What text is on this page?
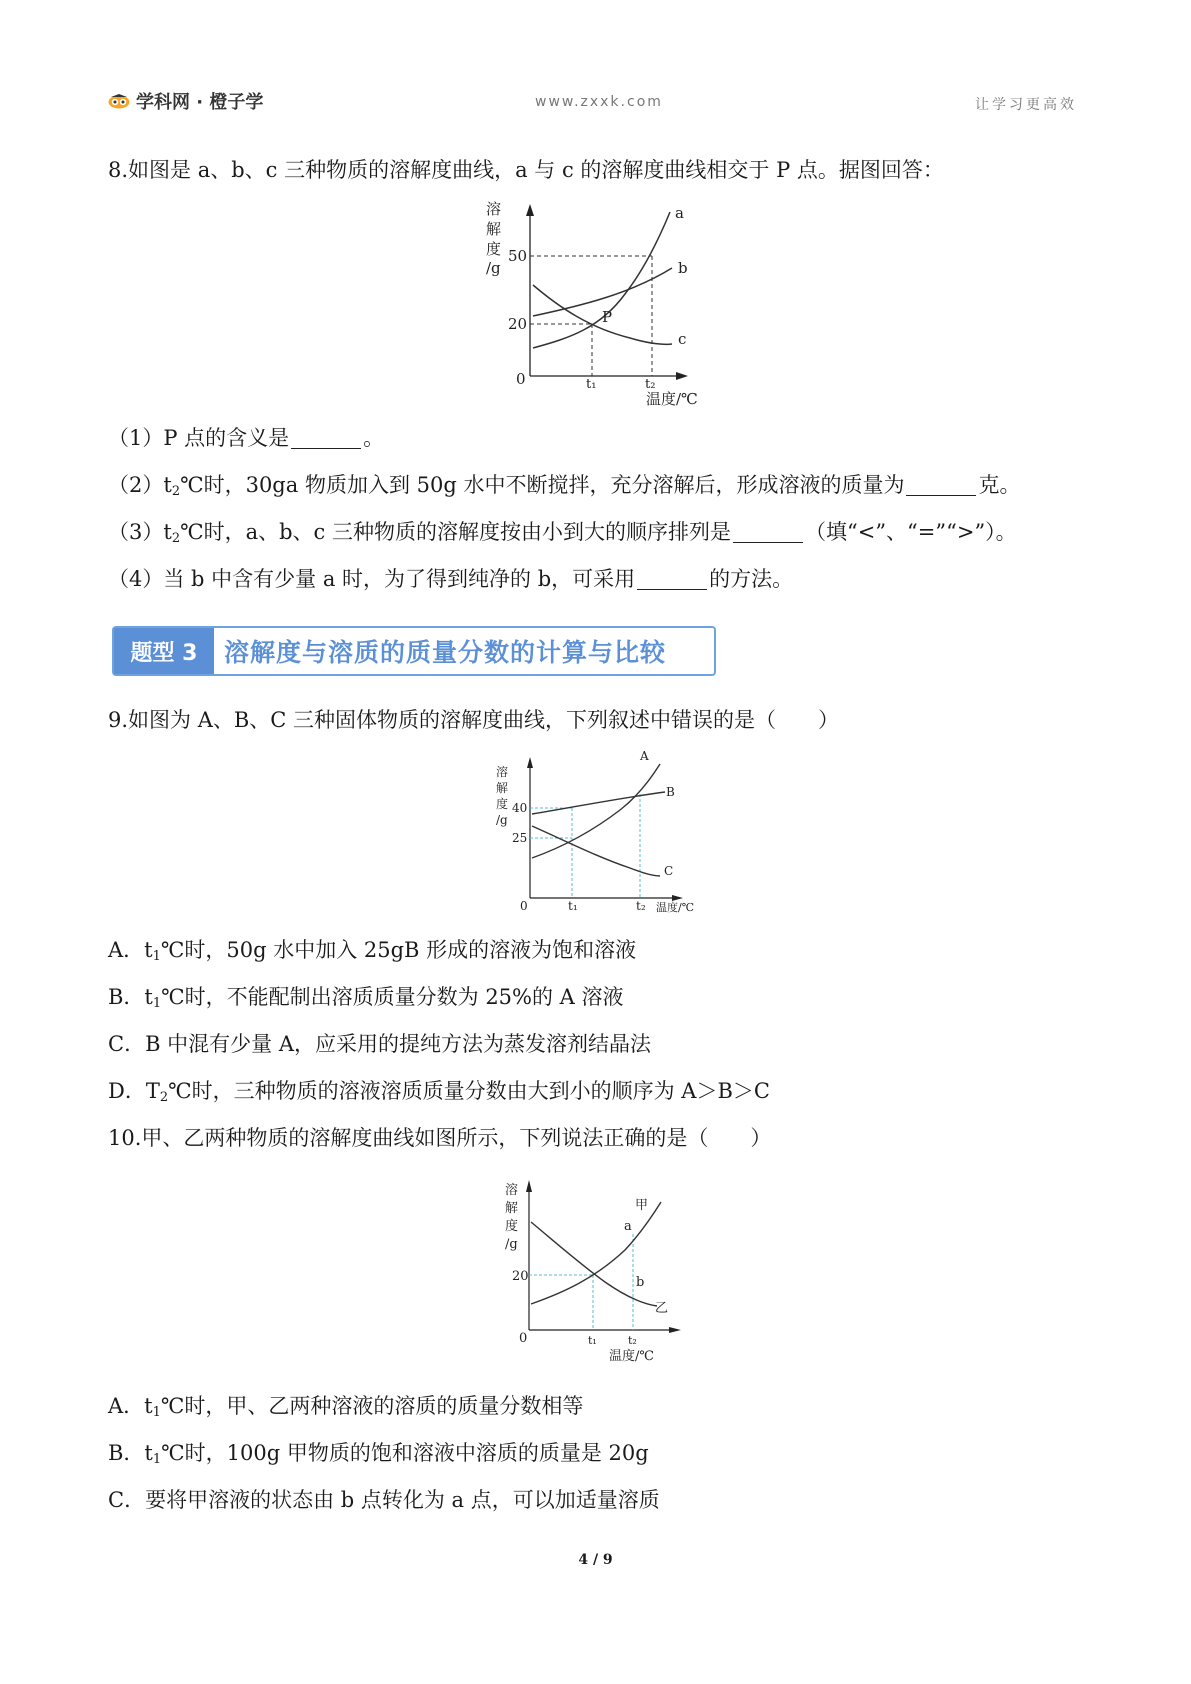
学科网 · 橙子学	www.zxxk.com	让学习更高效
8.如图是 a、b、c 三种物质的溶解度曲线，a 与 c 的溶解度曲线相交于 P 点。据图回答：
溶
解
度
/g
50
20
0	t₁	t₂
温度/℃
a
b
c
P
（1）P 点的含义是	。
$(2)t_2℃$时，30ga 物质加入到 50g 水中不断搅拌，充分溶解后，形成溶液的质量为	克。
$(3)t_2℃$时，a、b、c 三种物质的溶解度按由小到大的顺序排列是	（填“<”、“=”“>”）。
（4）当 b 中含有少量 a 时，为了得到纯净的 b，可采用	的方法。
题型 3	溶解度与溶质的质量分数的计算与比较
9.如图为 A、B、C 三种固体物质的溶解度曲线，下列叙述中错误的是（　　）
溶
解
度
/g
40
25
0	t₁	t₂ 温度/℃
A
B
C
A．$t_1℃$时，50g 水中加入 25gB 形成的溶液为饱和溶液
B．$t_1℃$时，不能配制出溶质质量分数为 25%的 A 溶液
C．B 中混有少量 A，应采用的提纯方法为蒸发溶剂结晶法
D．$T_2℃$时，三种物质的溶液溶质质量分数由大到小的顺序为 A＞B＞C
10.甲、乙两种物质的溶解度曲线如图所示，下列说法正确的是（　　）
溶
解
度
/g
20
0	t₁	t₂
温度/℃
甲
乙
a
b
A．$t_1℃$时，甲、乙两种溶液的溶质的质量分数相等
B．$t_1℃$时，100g 甲物质的饱和溶液中溶质的质量是 20g
C．要将甲溶液的状态由 b 点转化为 a 点，可以加适量溶质
4 / 9
